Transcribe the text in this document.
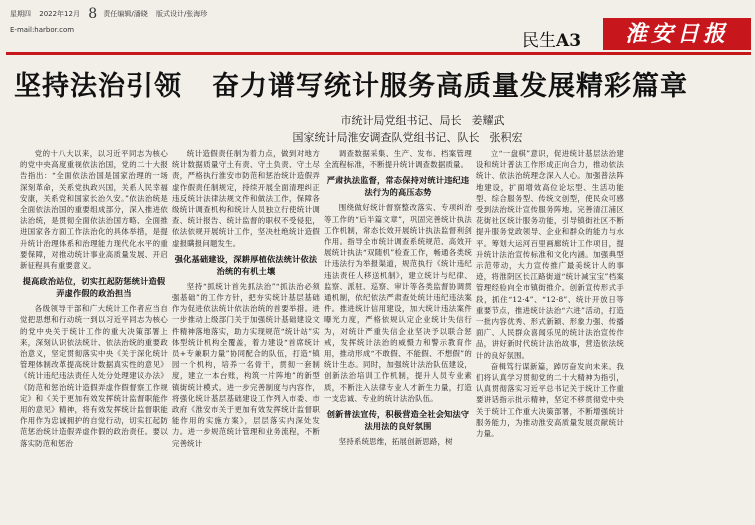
星期四 2022年12月 8 责任编辑/潘晓 版式设计/张海珍
E-mail:harbor.com
民生A3	淮安日报
坚持法治引领 奋力谱写统计服务高质量发展精彩篇章
市统计局党组书记、局长 姜耀武
国家统计局淮安调查队党组书记、队长 张积宏

党的十八大以来，以习近平同志为核心的党中央高度重视依法治国，党的二十大报告指出：“全面依法治国是国家治理的一场深刻革命，关系党执政兴国，关系人民幸福安康，关系党和国家长治久安。”依法治统是全面依法治国的重要组成部分，深入推进依法治统，是贯彻全面依法治国方略、全面推进国家各方面工作法治化的具体举措，是提升统计治理体系和治理能力现代化水平的重要保障，对推动统计事业高质量发展、开启新征程具有重要意义。

提高政治站位，切实扛起防惩统计造假弄虚作假的政治担当

各级领导干部和广大统计工作者应当自觉把思想和行动统一到以习近平同志为核心的党中央关于统计工作的重大决策部署上来，深刻认识依法统计、依法治统的重要政治意义，坚定贯彻落实中央《关于深化统计管理体制改革提高统计数据真实性的意见》《统计违纪违法责任人处分处理建议办法》《防范和惩治统计造假弄虚作假督察工作规定》和《关于更加有效发挥统计监督职能作用的意见》精神，将有效发挥统计监督职能作用作为忠诚拥护的自觉行动，切实扛起防范惩治统计造假弄虚作假的政治责任。要以落实防范和惩治

统计造假责任制为着力点，做到对地方统计数据质量守土有责、守土负责、守土尽责，严格执行淮安市防范和惩治统计造假弄虚作假责任制规定，持续开展全面清理纠正违反统计法律法规文件和做法工作，保障各级统计调查机构和统计人员独立行使统计调查、统计报告、统计监督的职权不受侵犯，依法依规开展统计工作，坚决杜绝统计造假虚报瞒报问题发生。

强化基础建设，深耕厚植依法统计依法治统的有机土壤

坚持“抓统计首先抓法治”“抓法治必须强基础”的工作方针，把夯实统计基层基础作为促进依法统计依法治统的首要举措。进一步推动上级部门关于加强统计基础建设文件精神落地落实，助力实现规范“统计站”实体型统计机构全覆盖，着力建设“首席统计员+专兼职力量”协同配合的队伍，打造“镇园一个机构，培养一名骨干，贯彻一套制度，建立一本台账，构筑一片阵地”的新型镇街统计模式。进一步完善制度与内容作，将强化统计基层基础建设工作列入市委、市政府《淮安市关于更加有效发挥统计监督职能作用的实施方案》，层层落实内深处发力。进一步规范统计管理和业务流程，不断完善统计

调查数据采集、生产、发布、档案管理全流程标准，不断提升统计调查数据质量。

严肃执法监督，常态保持对统计违纪违法行为的高压态势

围绕做好统计督察整改落实、专项纠治等工作的“后半篇文章”，巩固完善统计执法工作机制，常态长效开展统计执法监督利剑作用。指导全市统计调查系统规范、高效开展统计执法“双随机”检查工作，畅通各类统计违法行为举报渠道，规范执行《统计违纪违法责任人移送机制》，建立统计与纪律、监察、派驻、巡察、审计等各类监督协调贯通机制，依纪依法严肃查处统计违纪违法案件。推进统计信用建设，加大统计违法案件曝光力度，严格依规认定企业统计失信行为，对统计严重失信企业坚决予以联合惩戒，发挥统计法治的威慑力和警示教育作用，推动形成“不敢假、不能假、不想假”的统计生态。同时，加强统计法治队伍建设，创新法治培训工作机制，提升人员专业素质，不断注入法律专业人才新生力量，打造一支忠诚、专业的统计法治队伍。

创新普法宣传，积极营造全社会知法守法用法的良好氛围

坚持系统思维，拓展创新思路，树

立“一盘棋”意识，促进统计基层法治建设和统计普法工作形成正向合力，推动依法统计、依法治统理念深入人心。加强普法阵地建设，扩面增效高位论坛型、生活功能型、综合服务型、传统文创型，使民众可感受到法治统计宣传服务阵地。完善清江浦区花街社区统计服务功能，引导镇街社区不断提升服务党政领导、企业和群众的能力与水平。筹划大运河百里画廊统计工作项目，提升统计法治宣传标准和文化内涵。加强典型示范带动，大力宣传推广最美统计人的事迹，将淮阴区长江路街道“统计减宝宝”档案管理经验向全市镇街推介。创新宣传形式手段，抓住“12·4”、“12·8”、统计开放日等重要节点，推进统计法治“六进”活动，打造一批内容优秀、形式新颖、形象力强、传播面广、人民群众喜闻乐见的统计法治宣传作品，讲好新时代统计法治故事，营造依法统计的良好氛围。

奋楫笃行谋新篇，踔厉奋发向未来。我们将认真学习贯彻党的二十大精神为指引，认真贯彻落实习近平总书记关于统计工作重要讲话指示批示精神，坚定不移贯彻党中央关于统计工作重大决策部署，不断增强统计服务能力，为推动淮安高质量发展贡献统计力量。
